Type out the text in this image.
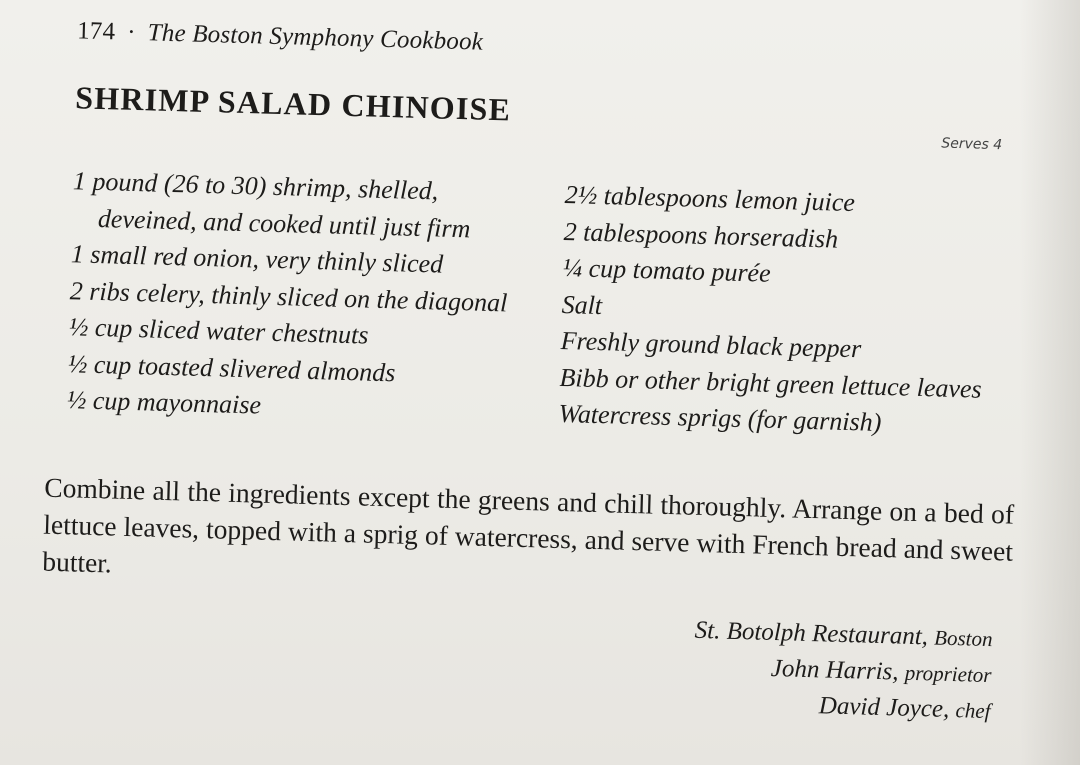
174 · The Boston Symphony Cookbook
SHRIMP SALAD CHINOISE
Serves 4
1 pound (26 to 30) shrimp, shelled, deveined, and cooked until just firm
1 small red onion, very thinly sliced
2 ribs celery, thinly sliced on the diagonal
½ cup sliced water chestnuts
½ cup toasted slivered almonds
½ cup mayonnaise
2½ tablespoons lemon juice
2 tablespoons horseradish
¼ cup tomato purée
Salt
Freshly ground black pepper
Bibb or other bright green lettuce leaves
Watercress sprigs (for garnish)

Combine all the ingredients except the greens and chill thoroughly. Arrange on a bed of lettuce leaves, topped with a sprig of watercress, and serve with French bread and sweet butter.

St. Botolph Restaurant, Boston
John Harris, proprietor
David Joyce, chef
